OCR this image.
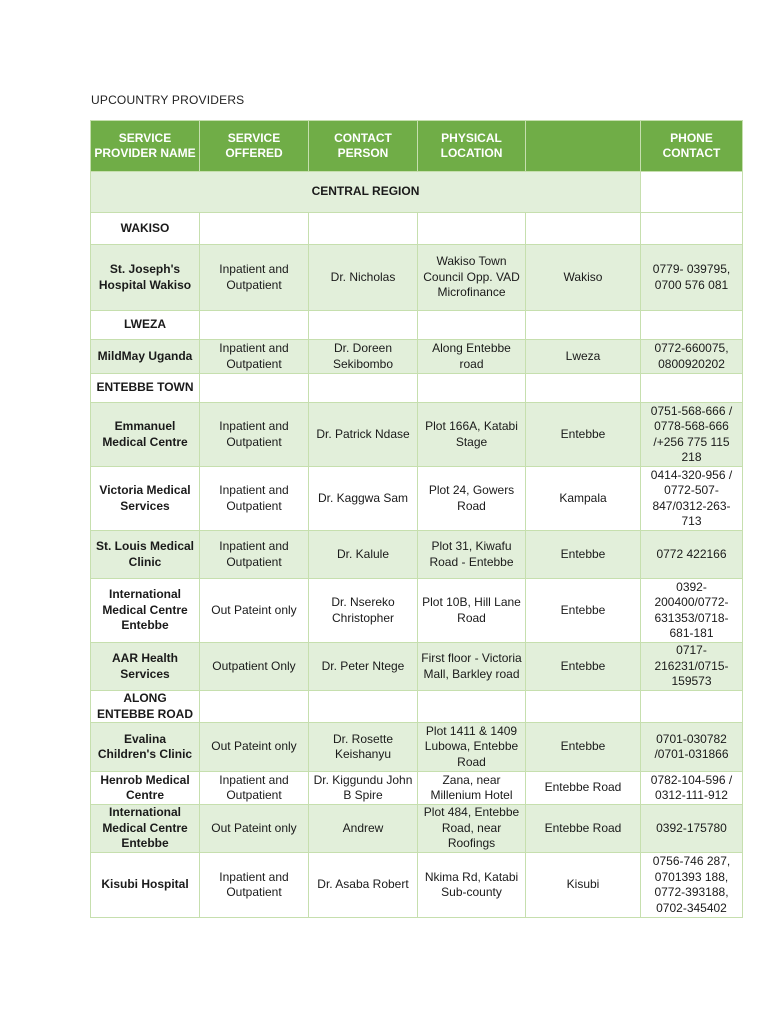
UPCOUNTRY PROVIDERS
SERVICE PROVIDER NAME	SERVICE OFFERED	CONTACT PERSON	PHYSICAL LOCATION		PHONE CONTACT
CENTRAL REGION					
WAKISO					
St. Joseph's Hospital Wakiso	Inpatient and Outpatient	Dr. Nicholas	Wakiso Town Council Opp. VAD Microfinance	Wakiso	0779- 039795, 0700 576 081
LWEZA					
MildMay Uganda	Inpatient and Outpatient	Dr. Doreen Sekibombo	Along Entebbe road	Lweza	0772-660075, 0800920202
ENTEBBE TOWN					
Emmanuel Medical Centre	Inpatient and Outpatient	Dr. Patrick Ndase	Plot 166A, Katabi Stage	Entebbe	0751-568-666 / 0778-568-666 /+256 775 115 218
Victoria Medical Services	Inpatient and Outpatient	Dr. Kaggwa Sam	Plot 24, Gowers Road	Kampala	0414-320-956 / 0772-507-847/0312-263-713
St. Louis Medical Clinic	Inpatient and Outpatient	Dr. Kalule	Plot 31, Kiwafu Road - Entebbe	Entebbe	0772 422166
International Medical Centre Entebbe	Out Pateint only	Dr. Nsereko Christopher	Plot 10B, Hill Lane Road	Entebbe	0392-200400/0772-631353/0718-681-181
AAR Health Services	Outpatient Only	Dr. Peter Ntege	First floor - Victoria Mall, Barkley road	Entebbe	0717-216231/0715-159573
ALONG ENTEBBE ROAD					
Evalina Children's Clinic	Out Pateint only	Dr. Rosette Keishanyu	Plot 1411 & 1409 Lubowa, Entebbe Road	Entebbe	0701-030782 /0701-031866
Henrob Medical Centre	Inpatient and Outpatient	Dr. Kiggundu John B Spire	Zana, near Millenium Hotel	Entebbe Road	0782-104-596 / 0312-111-912
International Medical Centre Entebbe	Out Pateint only	Andrew	Plot 484, Entebbe Road, near Roofings	Entebbe Road	0392-175780
Kisubi Hospital	Inpatient and Outpatient	Dr. Asaba Robert	Nkima Rd, Katabi Sub-county	Kisubi	0756-746 287, 0701393 188, 0772-393188, 0702-345402
